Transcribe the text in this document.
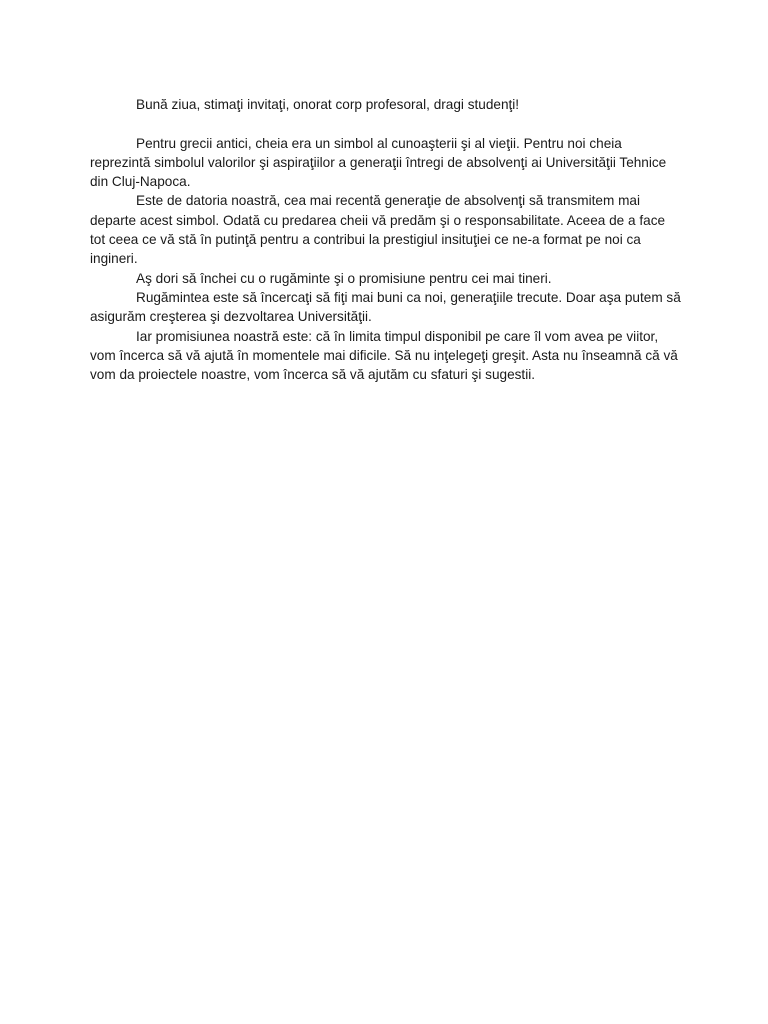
Bună ziua, stimaţi invitaţi, onorat corp profesoral, dragi studenţi!

Pentru grecii antici, cheia era un simbol al cunoaşterii şi al vieţii. Pentru noi cheia reprezintă simbolul valorilor şi aspiraţiilor a generaţii întregi de absolvenţi ai Universităţii Tehnice din Cluj-Napoca.

Este de datoria noastră, cea mai recentă generaţie de absolvenţi să transmitem mai departe acest simbol. Odată cu predarea cheii vă predăm şi o responsabilitate. Aceea de a face tot ceea ce vă stă în putinţă pentru a contribui la prestigiul insituţiei ce ne-a format pe noi ca ingineri.

Aş dori să închei cu o rugăminte şi o promisiune pentru cei mai tineri.

Rugămintea este să încercaţi să fiţi mai buni ca noi, generaţiile trecute. Doar aşa putem să asigurăm creşterea şi dezvoltarea Universităţii.

Iar promisiunea noastră este: că în limita timpul disponibil pe care îl vom avea pe viitor, vom încerca să vă ajută în momentele mai dificile. Să nu inţelegeţi greşit. Asta nu înseamnă că vă vom da proiectele noastre, vom încerca să vă ajutăm cu sfaturi şi sugestii.
